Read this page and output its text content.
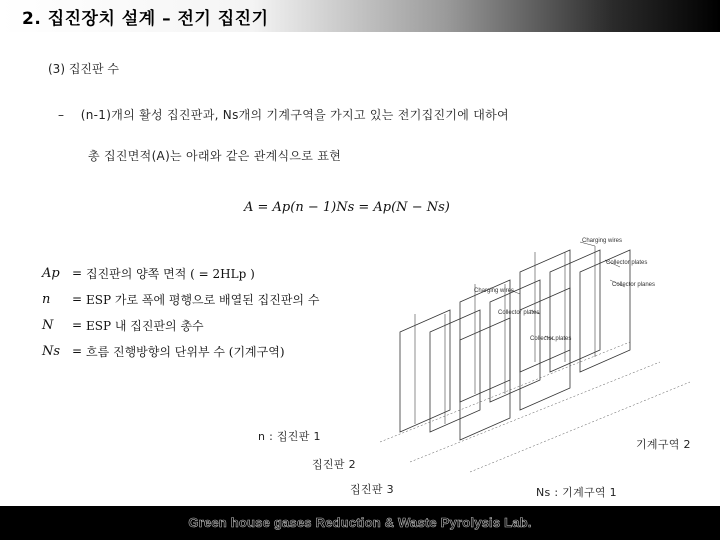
2. 집진장치 설계 – 전기 집진기
(3) 집진판 수
– (n-1)개의 활성 집진판과, Ns개의 기계구역을 가지고 있는 전기집진기에 대하여
총 집진면적(A)는 아래와 같은 관계식으로 표현
A = Ap(n − 1)Ns = Ap(N − Ns)
Ap	= 집진판의 양쪽 면적 ( = 2HLp )
n	= ESP 가로 폭에 평행으로 배열된 집진판의 수
N	= ESP 내 집진판의 총수
Ns = 흐름 진행방향의 단위부 수 (기계구역)
Charging wires
Collector plates
Collector planes
Charging wires
Collector plates
Collector plates
n : 집진판 1
집진판 2
집진판 3
기계구역 2
Ns : 기계구역 1
Green house gases Reduction & Waste Pyrolysis Lab.
